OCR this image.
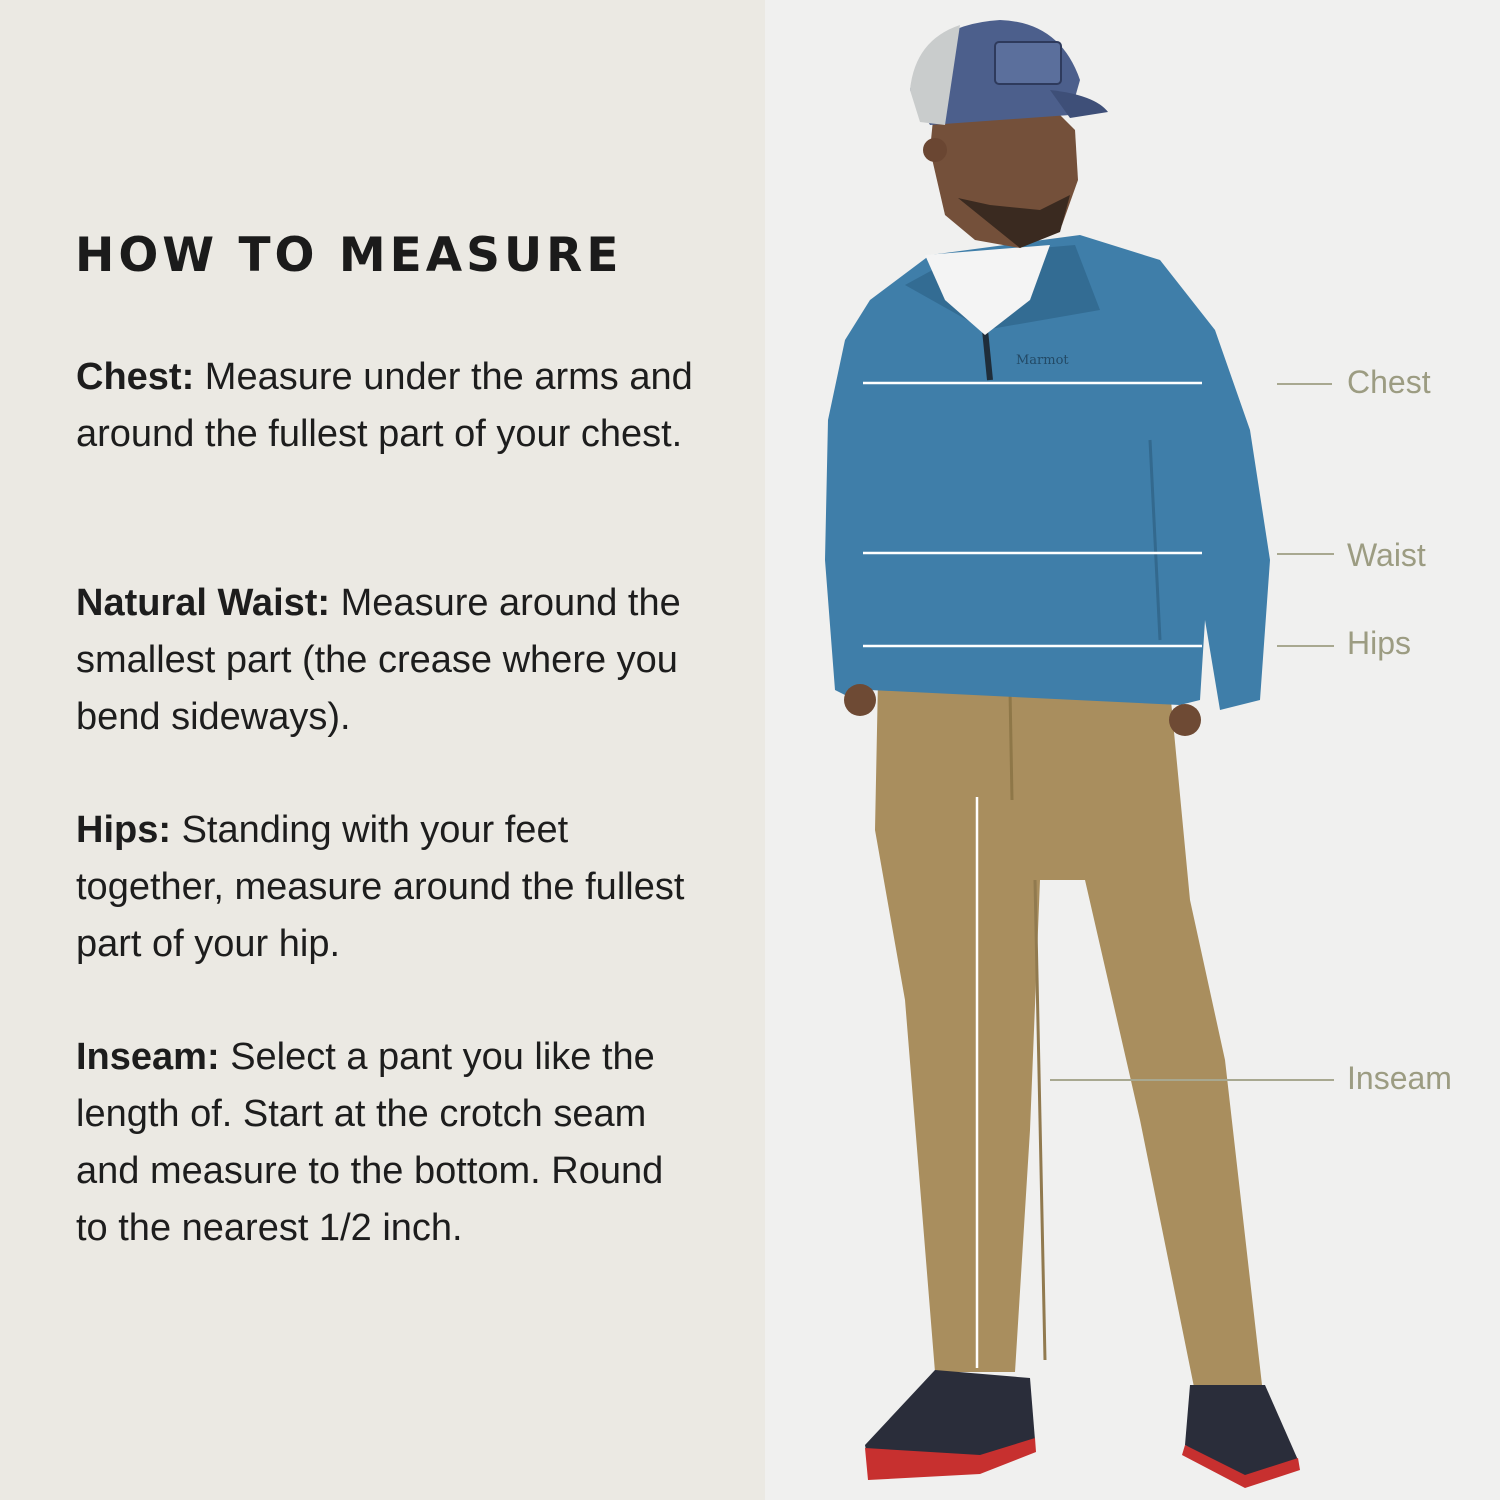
HOW TO MEASURE

Chest: Measure under the arms and around the fullest part of your chest.

Natural Waist: Measure around the smallest part (the crease where you bend sideways).

Hips: Standing with your feet together, measure around the fullest part of your hip.

Inseam: Select a pant you like the length of. Start at the crotch seam and measure to the bottom. Round to the nearest 1/2 inch.

Marmot
Chest
Waist
Hips
Inseam
